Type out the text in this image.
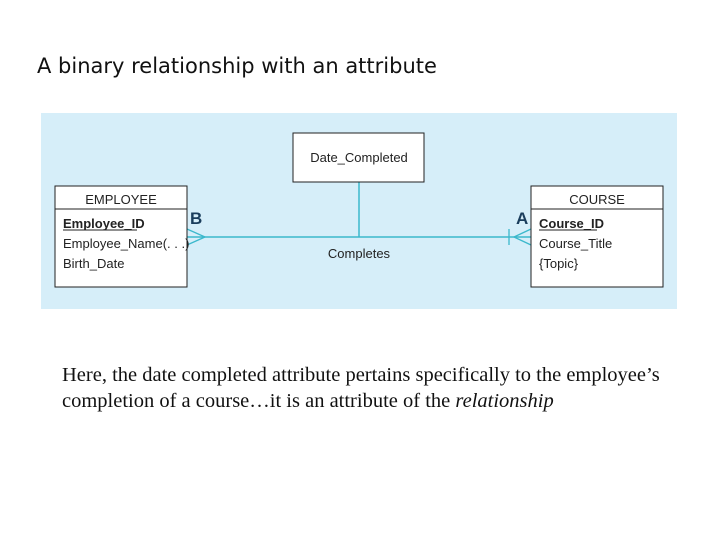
A binary relationship with an attribute
Date_Completed
Completes
EMPLOYEE
Employee_ID
Employee_Name(. . .)
Birth_Date
COURSE
Course_ID
Course_Title
{Topic}
B	A
Here, the date completed attribute pertains specifically to the employee’s completion of a course…it is an attribute of the relationship
